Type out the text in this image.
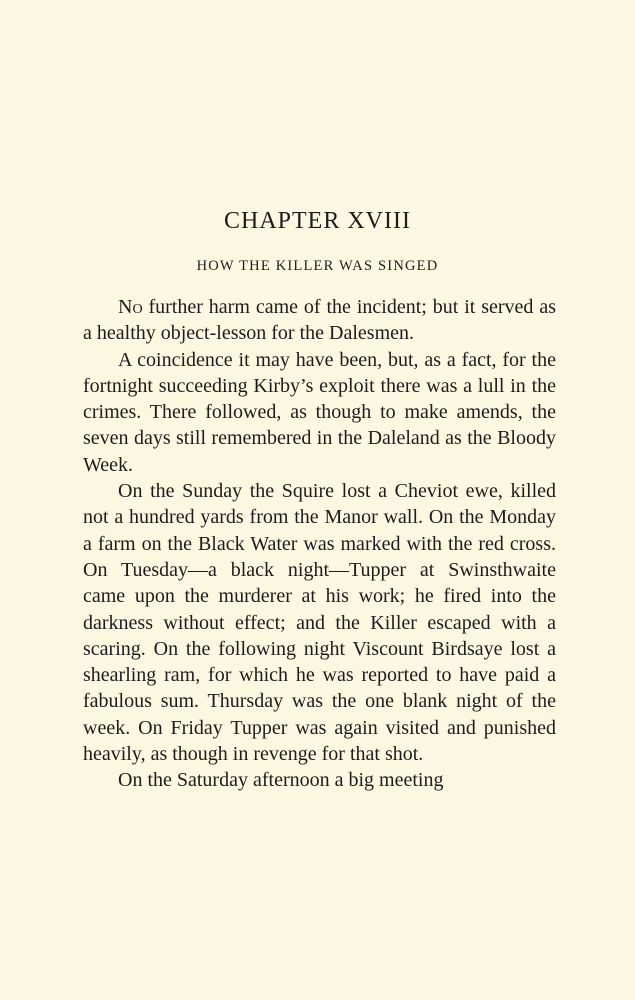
CHAPTER XVIII
HOW THE KILLER WAS SINGED

No further harm came of the incident; but it served as a healthy object-lesson for the Dalesmen.

A coincidence it may have been, but, as a fact, for the fortnight succeeding Kirby’s exploit there was a lull in the crimes. There followed, as though to make amends, the seven days still remembered in the Daleland as the Bloody Week.

On the Sunday the Squire lost a Cheviot ewe, killed not a hundred yards from the Manor wall. On the Monday a farm on the Black Water was marked with the red cross. On Tuesday—a black night—Tupper at Swinsthwaite came upon the murderer at his work; he fired into the darkness without effect; and the Killer escaped with a scaring. On the following night Viscount Birdsaye lost a shearling ram, for which he was reported to have paid a fabulous sum. Thursday was the one blank night of the week. On Friday Tupper was again visited and punished heavily, as though in revenge for that shot.

On the Saturday afternoon a big meeting
